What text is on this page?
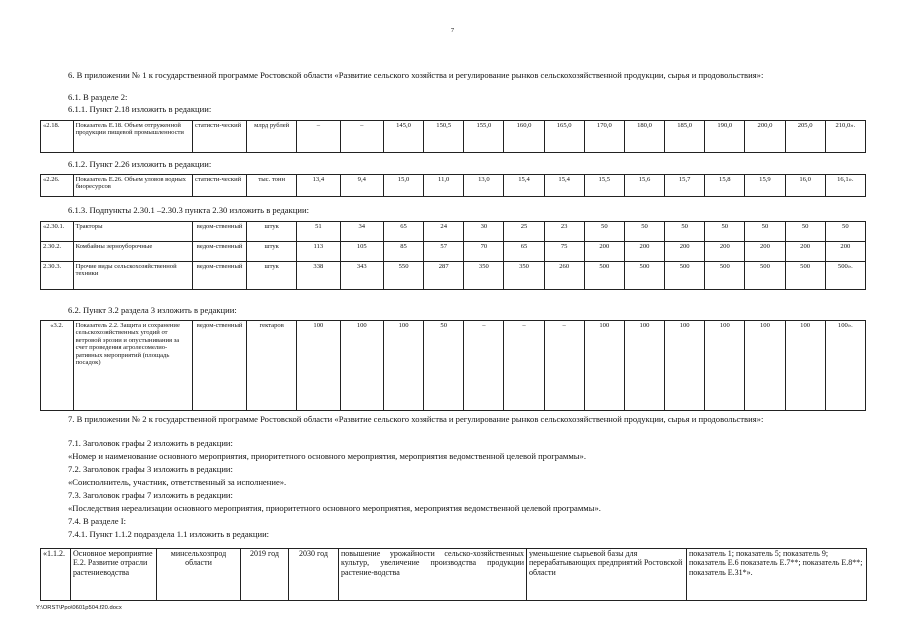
7
6. В приложении № 1 к государственной программе Ростовской области «Развитие сельского хозяйства и регулирование рынков сельскохозяйственной продукции, сырья и продовольствия»:
6.1. В разделе 2:
6.1.1. Пункт 2.18 изложить в редакции:
«2.18.	Показатель Е.18. Объем отгруженной продукции пищевой промышленности	статисти-ческий	млрд рублей	–	–	145,0	150,5	155,0	160,0	165,0	170,0	180,0	185,0	190,0	200,0	205,0	210,0».
6.1.2. Пункт 2.26 изложить в редакции:
«2.26.	Показатель Е.26. Объем уловов водных биоресурсов	статисти-ческий	тыс. тонн	13,4	9,4	15,0	11,0	13,0	15,4	15,4	15,5	15,6	15,7	15,8	15,9	16,0	16,1».
6.1.3. Подпункты 2.30.1 –2.30.3 пункта 2.30 изложить в редакции:
«2.30.1.	Тракторы	ведом-ственный	штук	51	34	65	24	30	25	23	50	50	50	50	50	50	50
2.30.2.	Комбайны зерноуборочные	ведом-ственный	штук	113	105	85	57	70	65	75	200	200	200	200	200	200	200
2.30.3.	Прочие виды сельскохозяйственной техники	ведом-ственный	штук	338	343	550	287	350	350	260	500	500	500	500	500	500	500».
6.2. Пункт 3.2 раздела 3 изложить в редакции:
«3.2.	Показатель 2.2. Защита и сохранение сельскохозяйственных угодий от ветровой эрозии и опустынивания за счет проведения агролесомелио-ративных мероприятий (площадь посадок)	ведом-ственный	гектаров	100	100	100	50	–	–	–	100	100	100	100	100	100	100».
7. В приложении № 2 к государственной программе Ростовской области «Развитие сельского хозяйства и регулирование рынков сельскохозяйственной продукции, сырья и продовольствия»:
7.1. Заголовок графы 2 изложить в редакции:
«Номер и наименование основного мероприятия, приоритетного основного мероприятия, мероприятия ведомственной целевой программы».
7.2. Заголовок графы 3 изложить в редакции:
«Соисполнитель, участник, ответственный за исполнение».
7.3. Заголовок графы 7 изложить в редакции:
«Последствия нереализации основного мероприятия, приоритетного основного мероприятия, мероприятия ведомственной целевой программы».
7.4. В разделе I:
7.4.1. Пункт 1.1.2 подраздела 1.1 изложить в редакции:
«1.1.2.	Основное мероприятие Е.2. Развитие отрасли растениеводства	минсельхозпрод области	2019 год	2030 год	повышение урожайности сельско-хозяйственных культур, увеличение производства продукции растение-водства	уменьшение сырьевой базы для перерабатывающих предприятий Ростовской области	показатель 1; показатель 5; показатель 9; показатель Е.6 показатель Е.7**; показатель Е.8**; показатель Е.31*».
Y:\ORST\Ppo\0601p504.f20.docx
